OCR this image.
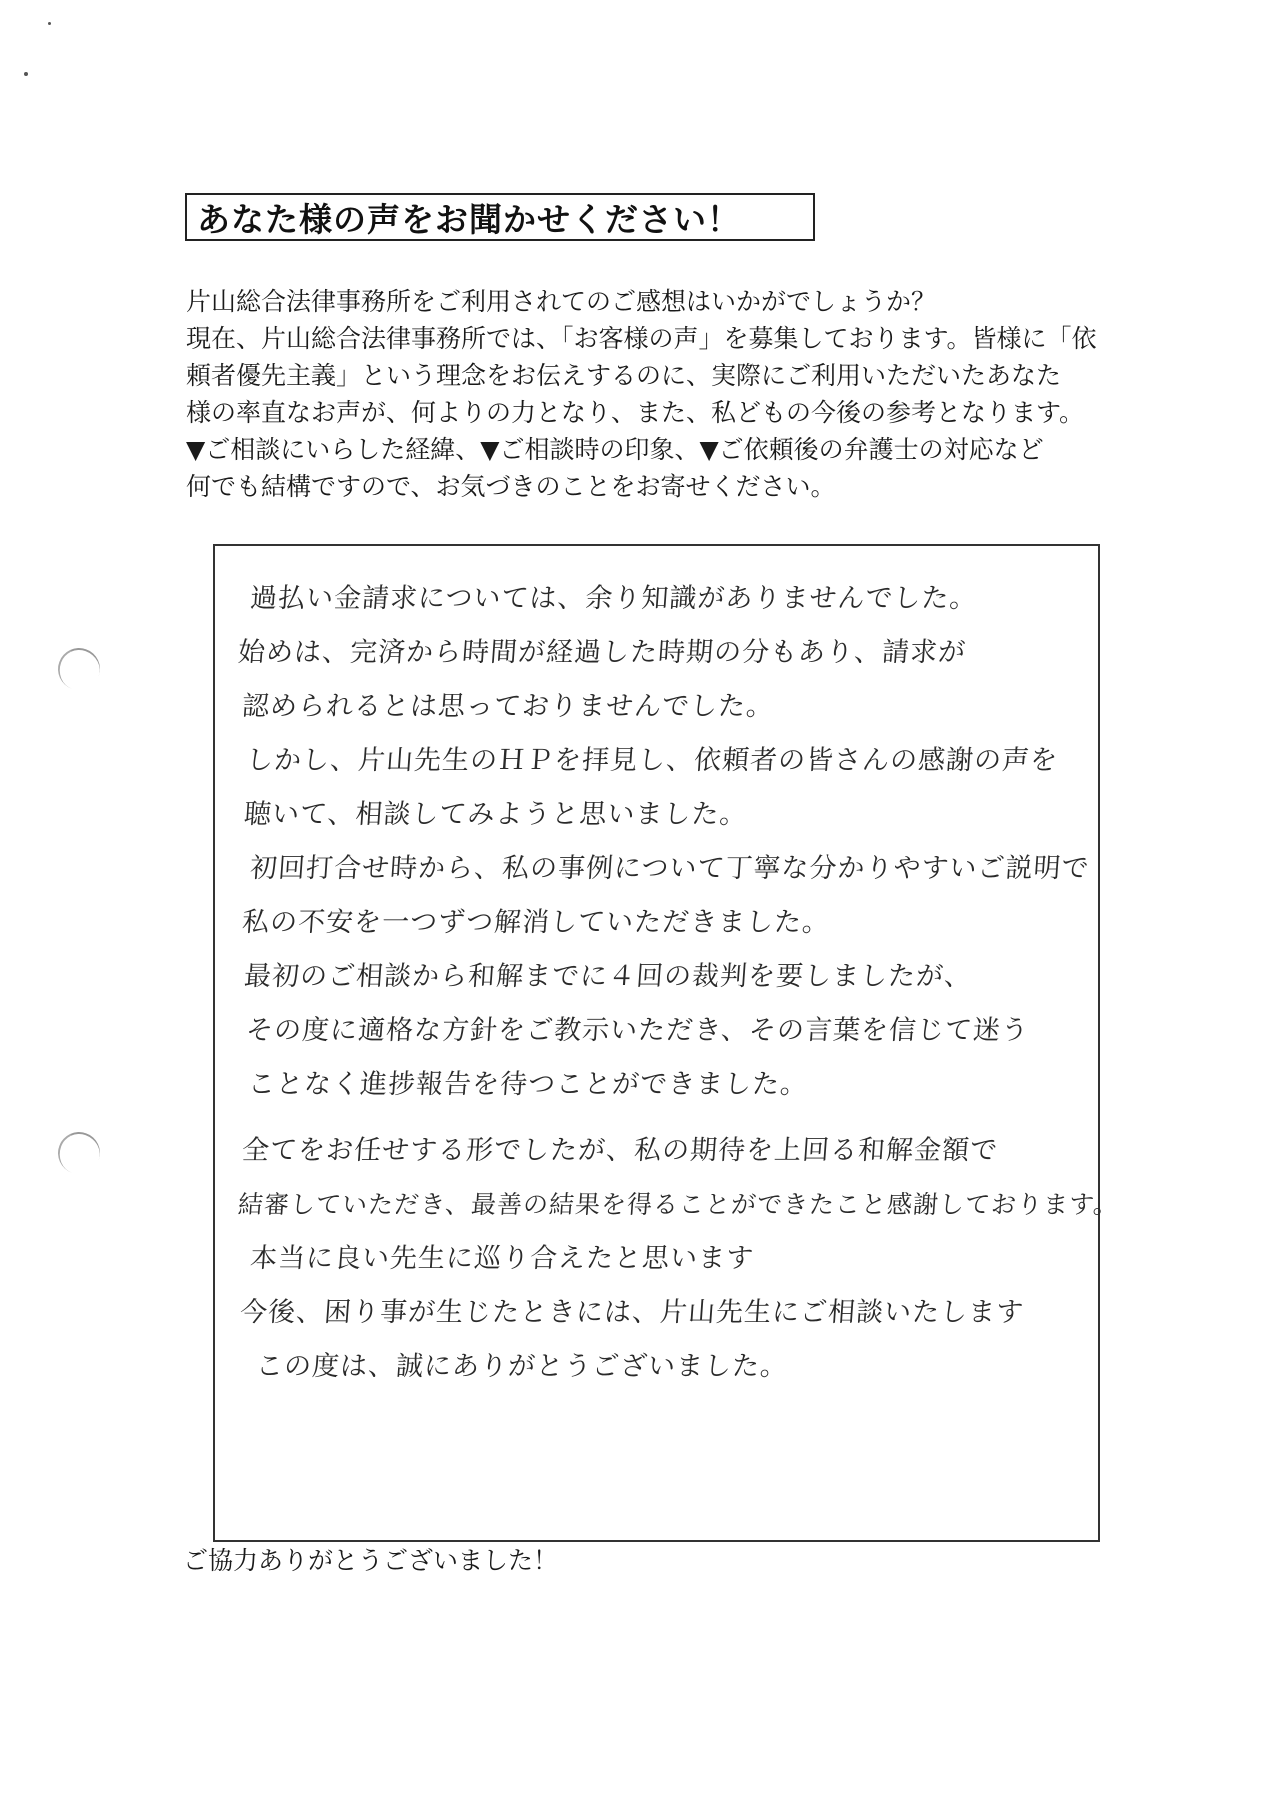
あなた様の声をお聞かせください！
片山総合法律事務所をご利用されてのご感想はいかがでしょうか？
現在、片山総合法律事務所では、「お客様の声」を募集しております。皆様に「依
頼者優先主義」という理念をお伝えするのに、実際にご利用いただいたあなた
様の率直なお声が、何よりの力となり、また、私どもの今後の参考となります。
▼ご相談にいらした経緯、▼ご相談時の印象、▼ご依頼後の弁護士の対応など
何でも結構ですので、お気づきのことをお寄せください。
過払い金請求については、余り知識がありませんでした。
始めは、完済から時間が経過した時期の分もあり、請求が
認められるとは思っておりませんでした。
しかし、片山先生のＨＰを拝見し、依頼者の皆さんの感謝の声を
聴いて、相談してみようと思いました。
初回打合せ時から、私の事例について丁寧な分かりやすいご説明で
私の不安を一つずつ解消していただきました。
最初のご相談から和解までに４回の裁判を要しましたが、
その度に適格な方針をご教示いただき、その言葉を信じて迷う
ことなく進捗報告を待つことができました。
全てをお任せする形でしたが、私の期待を上回る和解金額で
結審していただき、最善の結果を得ることができたこと感謝しております。
本当に良い先生に巡り合えたと思います
今後、困り事が生じたときには、片山先生にご相談いたします
この度は、誠にありがとうございました。
ご協力ありがとうございました！
